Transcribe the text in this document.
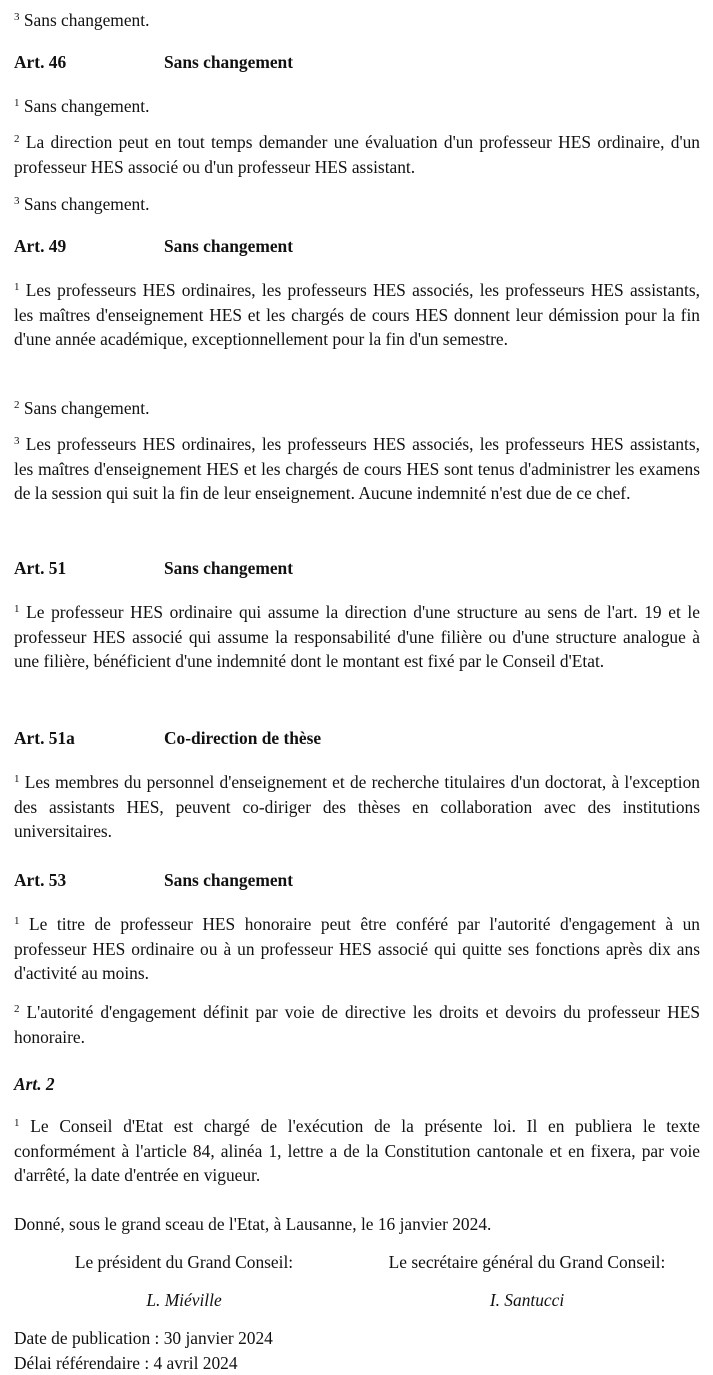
$^3$ Sans changement.

Art. 46	Sans changement

$^1$ Sans changement.

$^2$ La direction peut en tout temps demander une évaluation d'un professeur HES ordinaire, d'un professeur HES associé ou d'un professeur HES assistant.

$^3$ Sans changement.

Art. 49	Sans changement

$^1$ Les professeurs HES ordinaires, les professeurs HES associés, les professeurs HES assistants, les maîtres d'enseignement HES et les chargés de cours HES donnent leur démission pour la fin d'une année académique, exceptionnellement pour la fin d'un semestre.

$^2$ Sans changement.

$^3$ Les professeurs HES ordinaires, les professeurs HES associés, les professeurs HES assistants, les maîtres d'enseignement HES et les chargés de cours HES sont tenus d'administrer les examens de la session qui suit la fin de leur enseignement. Aucune indemnité n'est due de ce chef.

Art. 51	Sans changement

$^1$ Le professeur HES ordinaire qui assume la direction d'une structure au sens de l'art. 19 et le professeur HES associé qui assume la responsabilité d'une filière ou d'une structure analogue à une filière, bénéficient d'une indemnité dont le montant est fixé par le Conseil d'Etat.

Art. 51a	Co-direction de thèse

$^1$ Les membres du personnel d'enseignement et de recherche titulaires d'un doctorat, à l'exception des assistants HES, peuvent co-diriger des thèses en collaboration avec des institutions universitaires.

Art. 53	Sans changement

$^1$ Le titre de professeur HES honoraire peut être conféré par l'autorité d'engagement à un professeur HES ordinaire ou à un professeur HES associé qui quitte ses fonctions après dix ans d'activité au moins.

$^2$ L'autorité d'engagement définit par voie de directive les droits et devoirs du professeur HES honoraire.

Art. 2

$^1$ Le Conseil d'Etat est chargé de l'exécution de la présente loi. Il en publiera le texte conformément à l'article 84, alinéa 1, lettre a de la Constitution cantonale et en fixera, par voie d'arrêté, la date d'entrée en vigueur.

Donné, sous le grand sceau de l'Etat, à Lausanne, le 16 janvier 2024.

Le président du Grand Conseil:	Le secrétaire général du Grand Conseil:
L. Miéville	I. Santucci

Date de publication : 30 janvier 2024

Délai référendaire : 4 avril 2024
